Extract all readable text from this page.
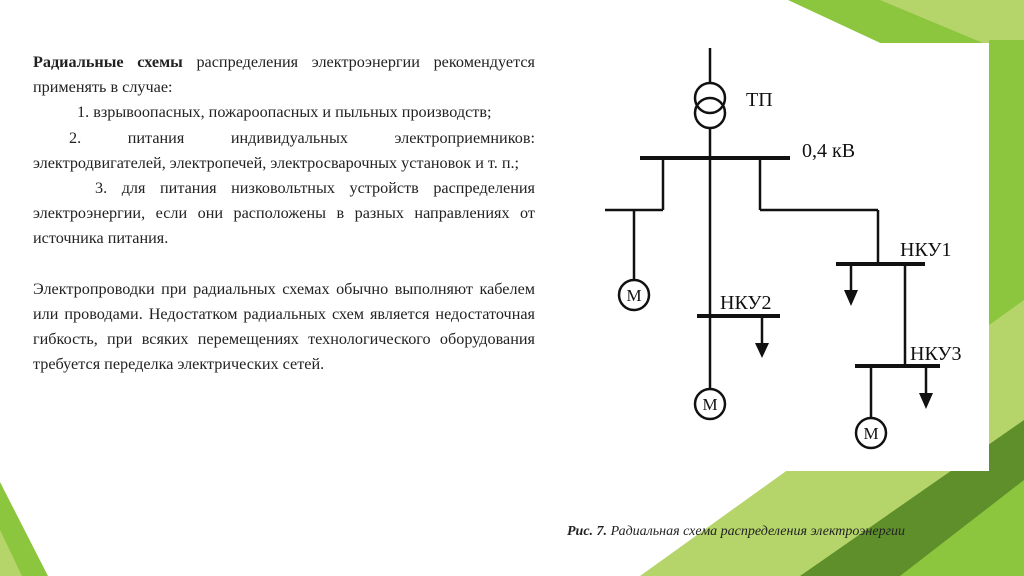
Радиальные схемы распределения электроэнергии рекомендуется применять в случае:

1. взрывоопасных, пожароопасных и пыльных производств;

2. питания индивидуальных электроприемников: электродвигателей, электропечей, электросварочных установок и т. п.;

3. для питания низковольтных устройств распределения электроэнергии, если они расположены в разных направлениях от источника питания.

Электропроводки при радиальных схемах обычно выполняют кабелем или проводами. Недостатком радиальных схем является недостаточная гибкость, при всяких перемещениях технологического оборудования требуется переделка электрических сетей.

ТП
0,4 кВ
НКУ1
НКУ2
НКУ3
М
М
М
Рис. 7. Радиальная схема распределения электроэнергии
